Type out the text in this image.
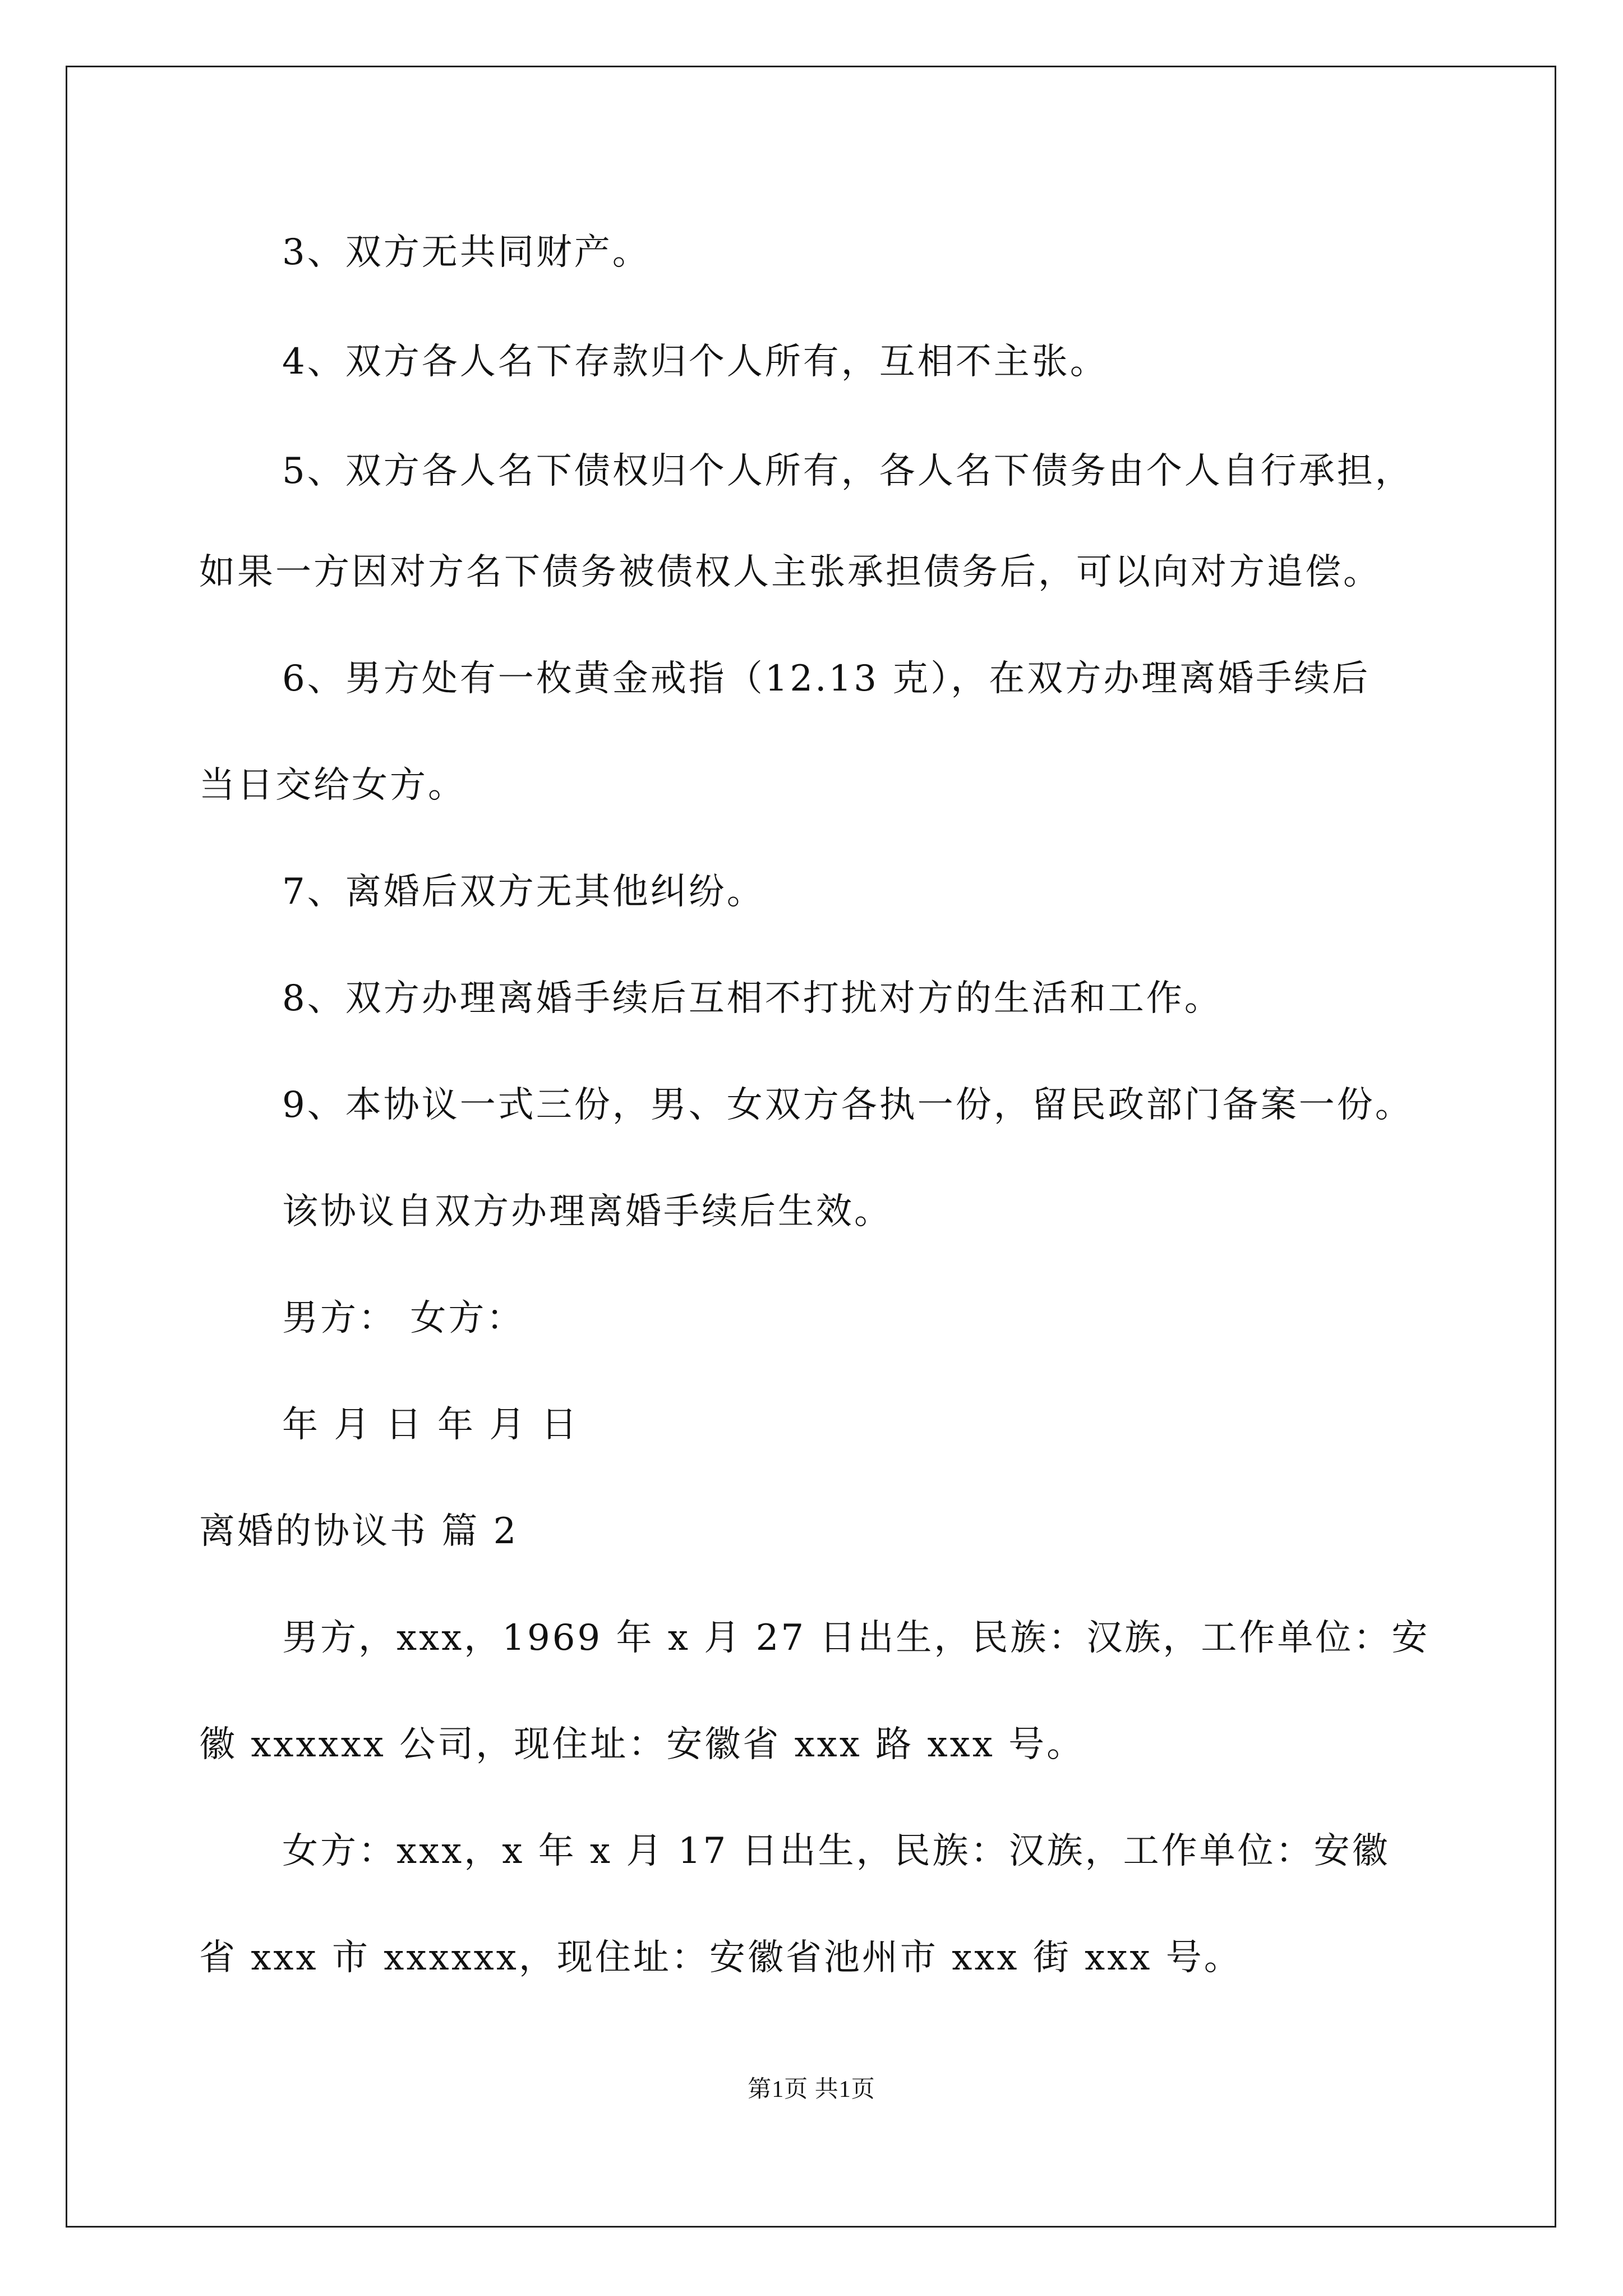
3、双方无共同财产。
4、双方各人名下存款归个人所有，互相不主张。
5、双方各人名下债权归个人所有，各人名下债务由个人自行承担，
如果一方因对方名下债务被债权人主张承担债务后，可以向对方追偿。
6、男方处有一枚黄金戒指（12.13 克），在双方办理离婚手续后
当日交给女方。
7、离婚后双方无其他纠纷。
8、双方办理离婚手续后互相不打扰对方的生活和工作。
9、本协议一式三份，男、女双方各执一份，留民政部门备案一份。
该协议自双方办理离婚手续后生效。
男方： 女方：
年 月 日 年 月 日
离婚的协议书 篇 2
男方，xxx，1969 年 x 月 27 日出生，民族：汉族，工作单位：安
徽 xxxxxx 公司，现住址：安徽省 xxx 路 xxx 号。
女方：xxx，x 年 x 月 17 日出生，民族：汉族，工作单位：安徽
省 xxx 市 xxxxxx，现住址：安徽省池州市 xxx 街 xxx 号。
第1页 共1页
